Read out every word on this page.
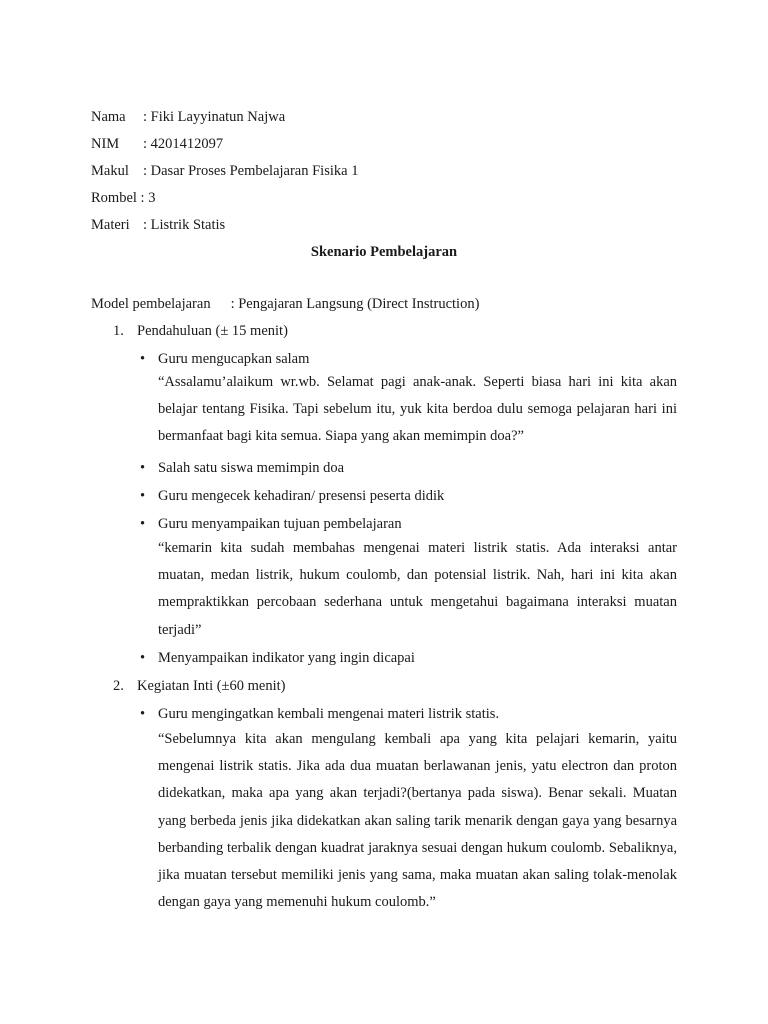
Nama : Fiki Layyinatun Najwa
NIM : 4201412097
Makul : Dasar Proses Pembelajaran Fisika 1
Rombel : 3
Materi : Listrik Statis
Skenario Pembelajaran
Model pembelajaran : Pengajaran Langsung (Direct Instruction)
1. Pendahuluan (± 15 menit)
• Guru mengucapkan salam
“Assalamu’alaikum wr.wb. Selamat pagi anak-anak. Seperti biasa hari ini kita akan belajar tentang Fisika. Tapi sebelum itu, yuk kita berdoa dulu semoga pelajaran hari ini bermanfaat bagi kita semua. Siapa yang akan memimpin doa?”
• Salah satu siswa memimpin doa
• Guru mengecek kehadiran/ presensi peserta didik
• Guru menyampaikan tujuan pembelajaran
“kemarin kita sudah membahas mengenai materi listrik statis. Ada interaksi antar muatan, medan listrik, hukum coulomb, dan potensial listrik. Nah, hari ini kita akan mempraktikkan percobaan sederhana untuk mengetahui bagaimana interaksi muatan terjadi”
• Menyampaikan indikator yang ingin dicapai
2. Kegiatan Inti (±60 menit)
• Guru mengingatkan kembali mengenai materi listrik statis.
“Sebelumnya kita akan mengulang kembali apa yang kita pelajari kemarin, yaitu mengenai listrik statis. Jika ada dua muatan berlawanan jenis, yatu electron dan proton didekatkan, maka apa yang akan terjadi?(bertanya pada siswa). Benar sekali. Muatan yang berbeda jenis jika didekatkan akan saling tarik menarik dengan gaya yang besarnya berbanding terbalik dengan kuadrat jaraknya sesuai dengan hukum coulomb. Sebaliknya, jika muatan tersebut memiliki jenis yang sama, maka muatan akan saling tolak-menolak dengan gaya yang memenuhi hukum coulomb.”
